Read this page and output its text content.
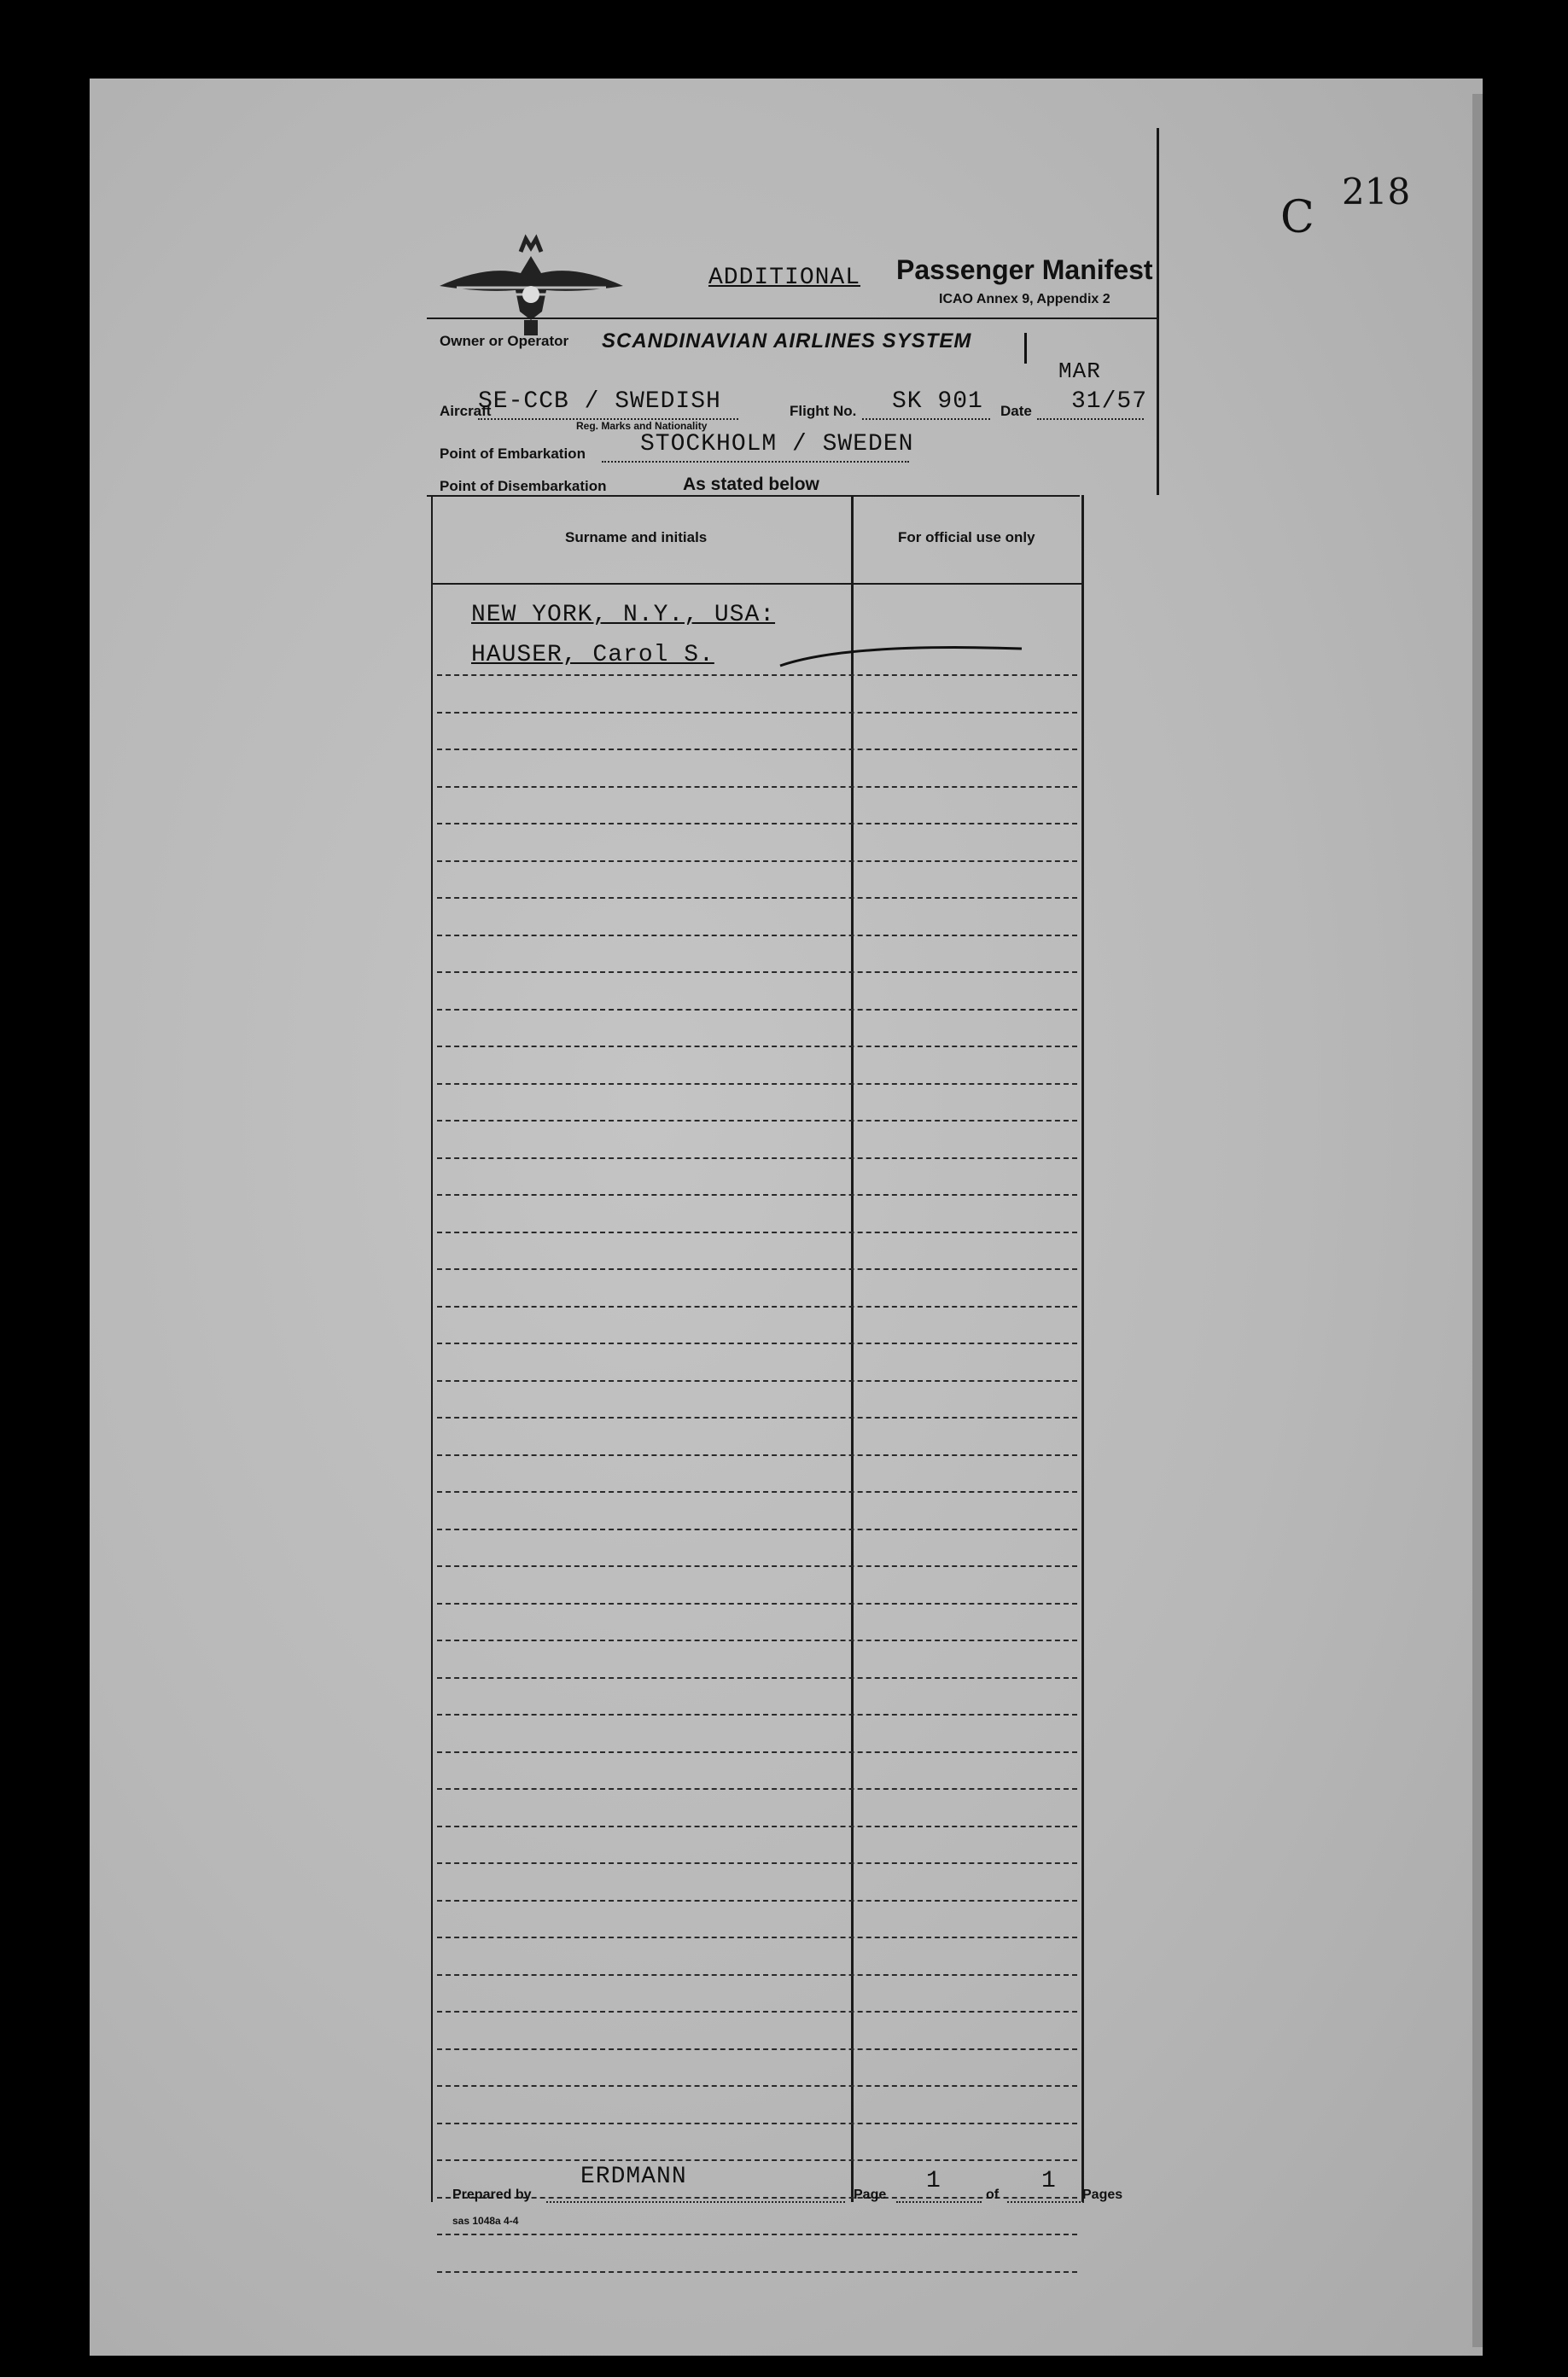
C
218
ADDITIONAL Passenger Manifest
ICAO Annex 9, Appendix 2
Owner or Operator SCANDINAVIAN AIRLINES SYSTEM
MAR
Aircraft
SE-CCB / SWEDISH
Reg. Marks and Nationality
Flight No. SK 901 Date 31/57
Point of Embarkation STOCKHOLM / SWEDEN
Point of Disembarkation	As stated below
Surname and initials	For official use only
NEW YORK, N.Y., USA:
HAUSER, Carol S.
Prepared by
ERDMANN
Page
1
of
1
Pages
sas 1048a 4-4
